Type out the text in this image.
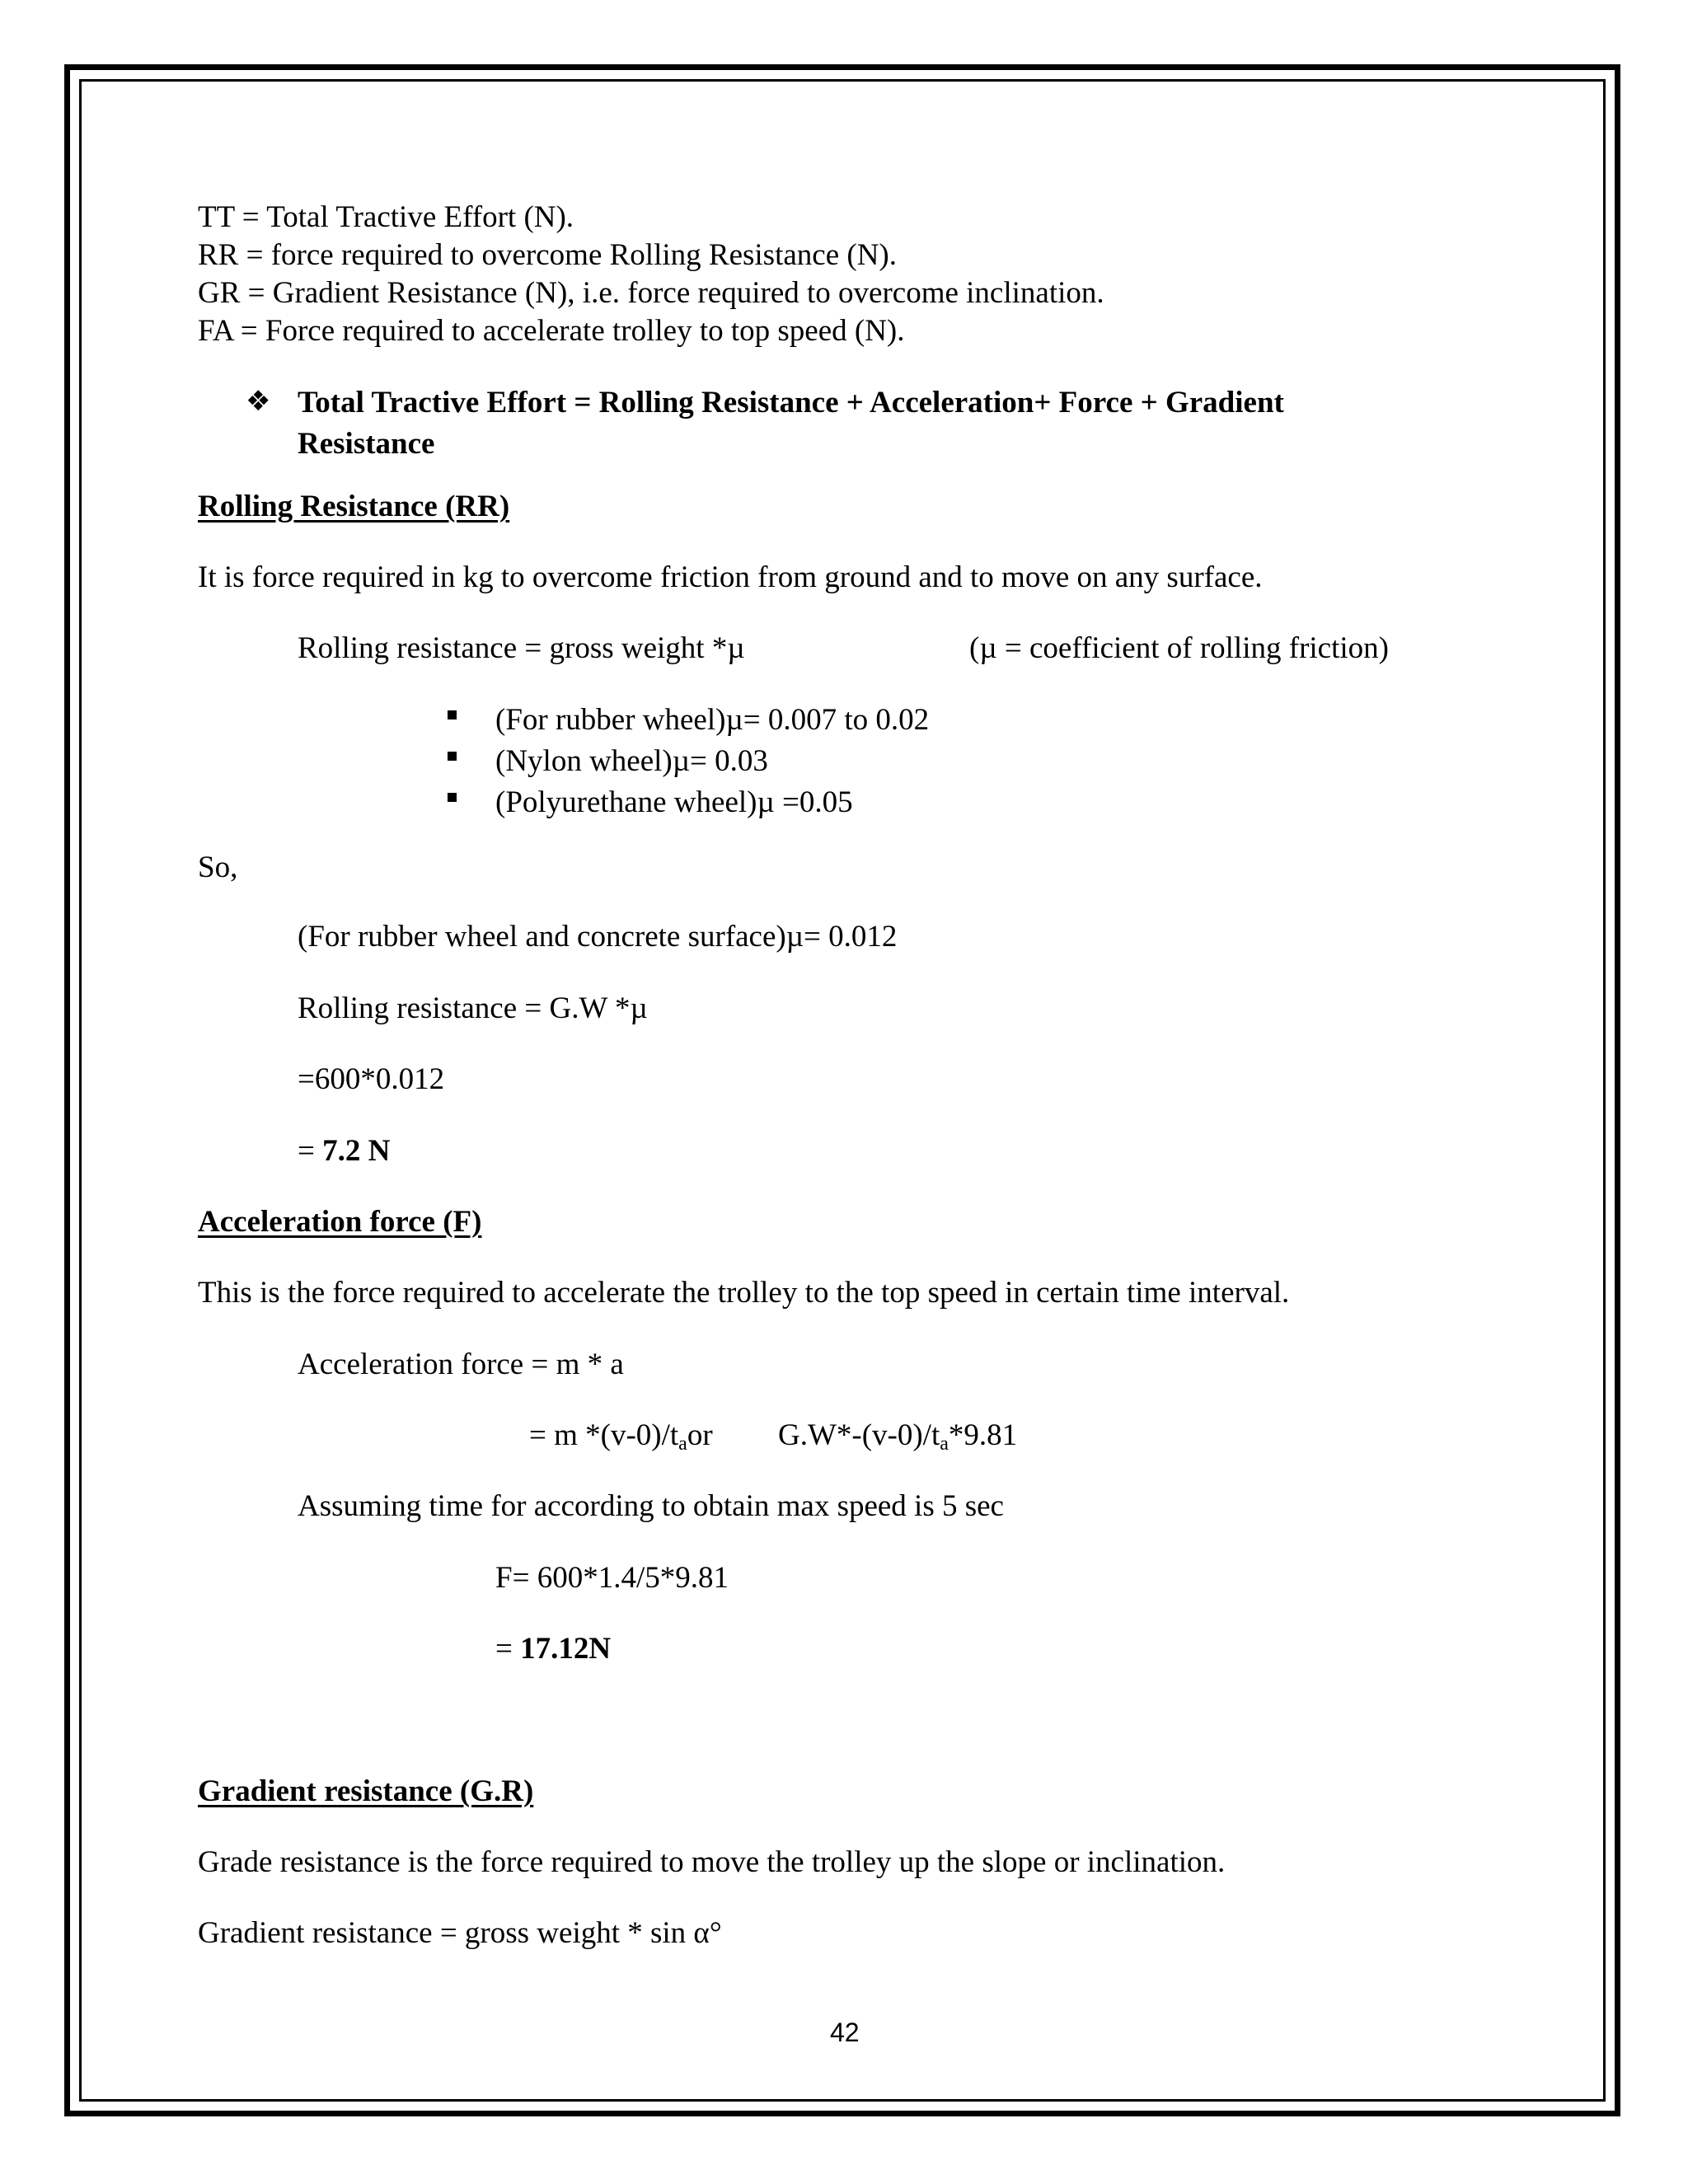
TT = Total Tractive Effort (N).
RR = force required to overcome Rolling Resistance (N).
GR = Gradient Resistance (N), i.e. force required to overcome inclination.
FA = Force required to accelerate trolley to top speed (N).
❖ Total Tractive Effort = Rolling Resistance + Acceleration+ Force + Gradient
Resistance
Rolling Resistance (RR)
It is force required in kg to overcome friction from ground and to move on any surface.
Rolling resistance = gross weight *µ	(µ = coefficient of rolling friction)
(For rubber wheel)µ= 0.007 to 0.02
(Nylon wheel)µ= 0.03
(Polyurethane wheel)µ =0.05
So,
(For rubber wheel and concrete surface)µ= 0.012
Rolling resistance = G.W *µ
=600*0.012
= 7.2 N
Acceleration force (F)
This is the force required to accelerate the trolley to the top speed in certain time interval.
Acceleration force = m * a
= m $*(v-0)/t_aor$ $G.W*-(v-0)/t_a*9.81$
Assuming time for according to obtain max speed is 5 sec
F= 600*1.4/5*9.81
= 17.12N
Gradient resistance (G.R)
Grade resistance is the force required to move the trolley up the slope or inclination.
Gradient resistance = gross weight * sin α°
42
